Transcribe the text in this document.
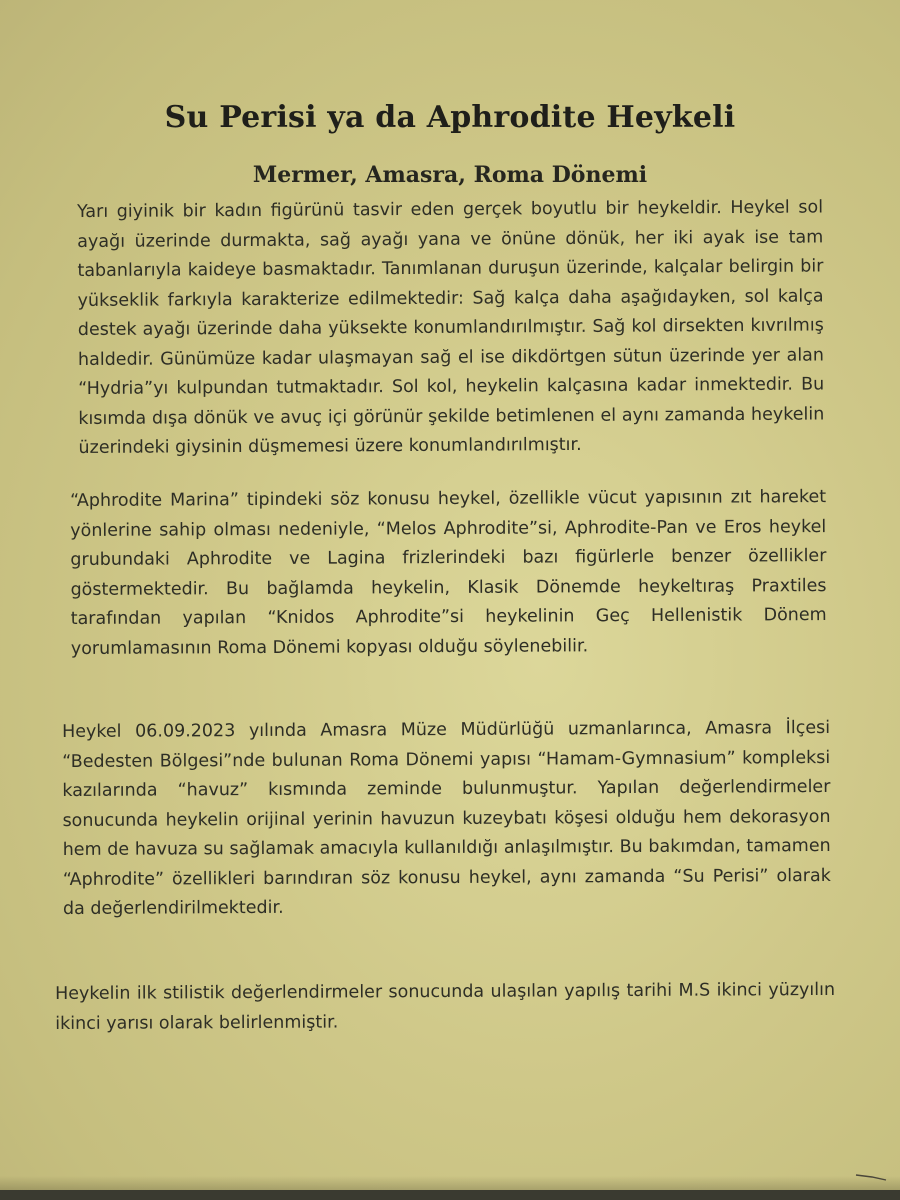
Su Perisi ya da Aphrodite Heykeli
Mermer, Amasra, Roma Dönemi

Yarı giyinik bir kadın figürünü tasvir eden gerçek boyutlu bir heykeldir. Heykel sol ayağı üzerinde durmakta, sağ ayağı yana ve önüne dönük, her iki ayak ise tam tabanlarıyla kaideye basmaktadır. Tanımlanan duruşun üzerinde, kalçalar belirgin bir yükseklik farkıyla karakterize edilmektedir: Sağ kalça daha aşağıdayken, sol kalça destek ayağı üzerinde daha yüksekte konumlandırılmıştır. Sağ kol dirsekten kıvrılmış haldedir. Günümüze kadar ulaşmayan sağ el ise dikdörtgen sütun üzerinde yer alan “Hydria”yı kulpundan tutmaktadır. Sol kol, heykelin kalçasına kadar inmektedir. Bu kısımda dışa dönük ve avuç içi görünür şekilde betimlenen el aynı zamanda heykelin üzerindeki giysinin düşmemesi üzere konumlandırılmıştır.

“Aphrodite Marina” tipindeki söz konusu heykel, özellikle vücut yapısının zıt hareket yönlerine sahip olması nedeniyle, “Melos Aphrodite”si, Aphrodite-Pan ve Eros heykel grubundaki Aphrodite ve Lagina frizlerindeki bazı figürlerle benzer özellikler göstermektedir. Bu bağlamda heykelin, Klasik Dönemde heykeltıraş Praxtiles tarafından yapılan “Knidos Aphrodite”si heykelinin Geç Hellenistik Dönem yorumlamasının Roma Dönemi kopyası olduğu söylenebilir.

Heykel 06.09.2023 yılında Amasra Müze Müdürlüğü uzmanlarınca, Amasra İlçesi “Bedesten Bölgesi”nde bulunan Roma Dönemi yapısı “Hamam-Gymnasium” kompleksi kazılarında “havuz” kısmında zeminde bulunmuştur. Yapılan değerlendirmeler sonucunda heykelin orijinal yerinin havuzun kuzeybatı köşesi olduğu hem dekorasyon hem de havuza su sağlamak amacıyla kullanıldığı anlaşılmıştır. Bu bakımdan, tamamen “Aphrodite” özellikleri barındıran söz konusu heykel, aynı zamanda “Su Perisi” olarak da değerlendirilmektedir.

Heykelin ilk stilistik değerlendirmeler sonucunda ulaşılan yapılış tarihi M.S ikinci yüzyılın ikinci yarısı olarak belirlenmiştir.
